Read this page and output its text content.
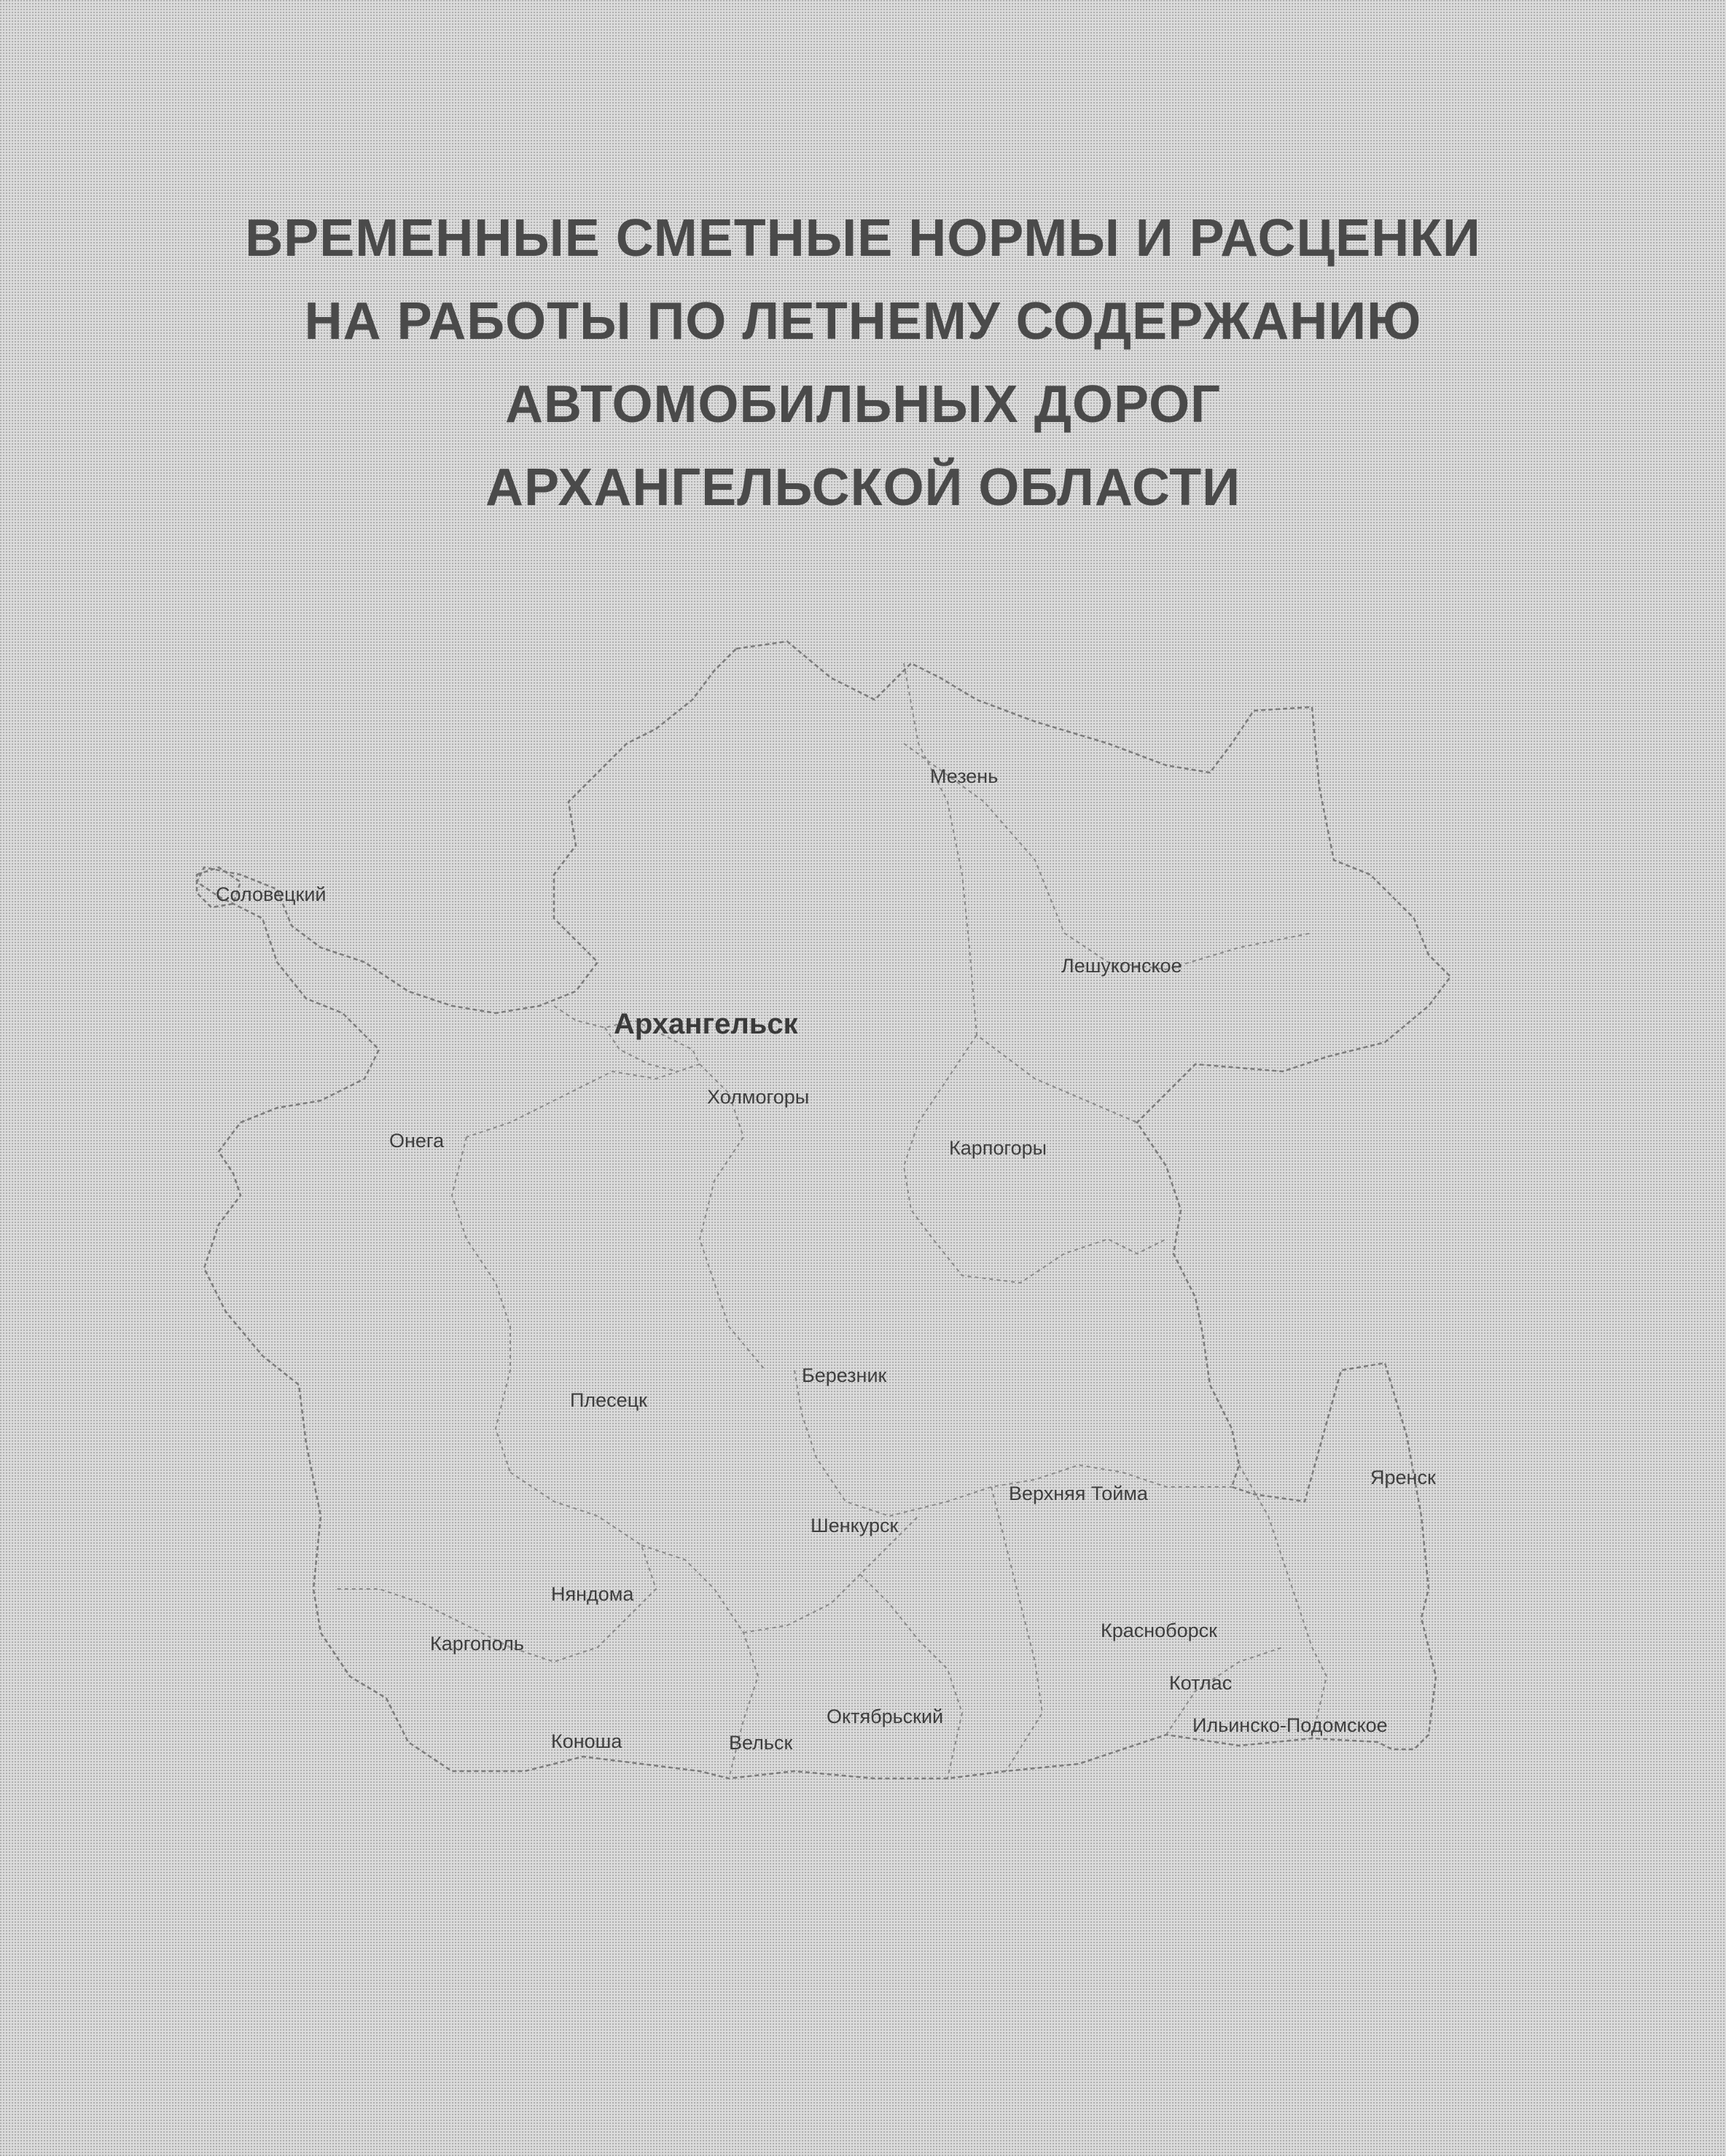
ВРЕМЕННЫЕ СМЕТНЫЕ НОРМЫ И РАСЦЕНКИ
НА РАБОТЫ ПО ЛЕТНЕМУ СОДЕРЖАНИЮ
АВТОМОБИЛЬНЫХ ДОРОГ
АРХАНГЕЛЬСКОЙ ОБЛАСТИ
Мезень
Соловецкий
Лешуконское
Архангельск
Холмогоры
Онега	Карпогоры
Березник
Плесецк
Верхняя Тойма
Яренск
Шенкурск
Няндома
Каргополь
Красноборск
Котлас
Октябрьский
Коноша	Вельск
Ильинско-Подомское
